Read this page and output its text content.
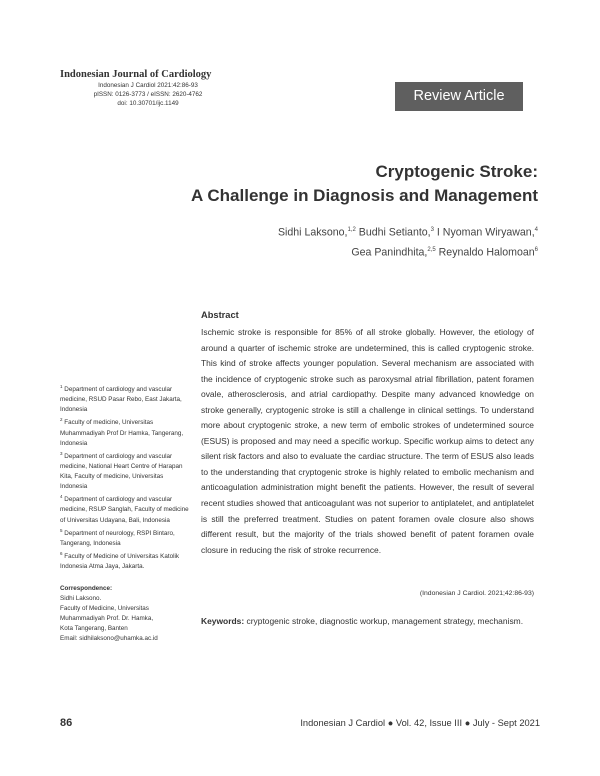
Indonesian Journal of Cardiology
Indonesian J Cardiol 2021:42:86-93
pISSN: 0126-3773 / eISSN: 2620-4762
doi: 10.30701/ijc.1149	Review Article
Cryptogenic Stroke:
A Challenge in Diagnosis and Management
Sidhi Laksono,$^{1,2}$ Budhi Setianto,$^3$ I Nyoman Wiryawan,$^4$
Gea Panindhita,$^{2,5}$ Reynaldo Halomoan$^6$
Abstract
Ischemic stroke is responsible for 85% of all stroke globally. However, the etiology of around a quarter of ischemic stroke are undetermined, this is called cryptogenic stroke. This kind of stroke affects younger population. Several mechanism are associated with the incidence of cryptogenic stroke such as paroxysmal atrial fibrillation, patent foramen ovale, atherosclerosis, and atrial cardiopathy. Despite many advanced knowledge on stroke generally, cryptogenic stroke is still a challenge in clinical settings. To understand more about cryptogenic stroke, a new term of embolic strokes of undetermined source (ESUS) is proposed and may need a specific workup. Specific workup aims to detect any silent risk factors and also to evaluate the cardiac structure. The term of ESUS also leads to the understanding that cryptogenic stroke is highly related to embolic mechanism and anticoagulation administration might benefit the patients. However, the result of several recent studies showed that anticoagulant was not superior to antiplatelet, and antiplatelet is still the preferred treatment. Studies on patent foramen ovale closure also shows different result, but the majority of the trials showed benefit of patent foramen ovale closure in reducing the risk of stroke recurrence.
(Indonesian J Cardiol. 2021;42:86-93)
Keywords: cryptogenic stroke, diagnostic workup, management strategy, mechanism.

$^1$ Department of cardiology and vascular medicine, RSUD Pasar Rebo, East Jakarta, Indonesia

$^2$ Faculty of medicine, Universitas Muhammadiyah Prof Dr Hamka, Tangerang, Indonesia

$^3$ Department of cardiology and vascular medicine, National Heart Centre of Harapan Kita, Faculty of medicine, Universitas Indonesia

$^4$ Department of cardiology and vascular medicine, RSUP Sanglah, Faculty of medicine of Universitas Udayana, Bali, Indonesia

$^5$ Department of neurology, RSPI Bintaro, Tangerang, Indonesia

$^6$ Faculty of Medicine of Universitas Katolik Indonesia Atma Jaya, Jakarta.

Correspondence:
Sidhi Laksono.
Faculty of Medicine, Universitas
Muhammadiyah Prof. Dr. Hamka,
Kota Tangerang, Banten
Email: sidhilaksono@uhamka.ac.id
86	Indonesian J Cardiol ● Vol. 42, Issue III ● July - Sept 2021
